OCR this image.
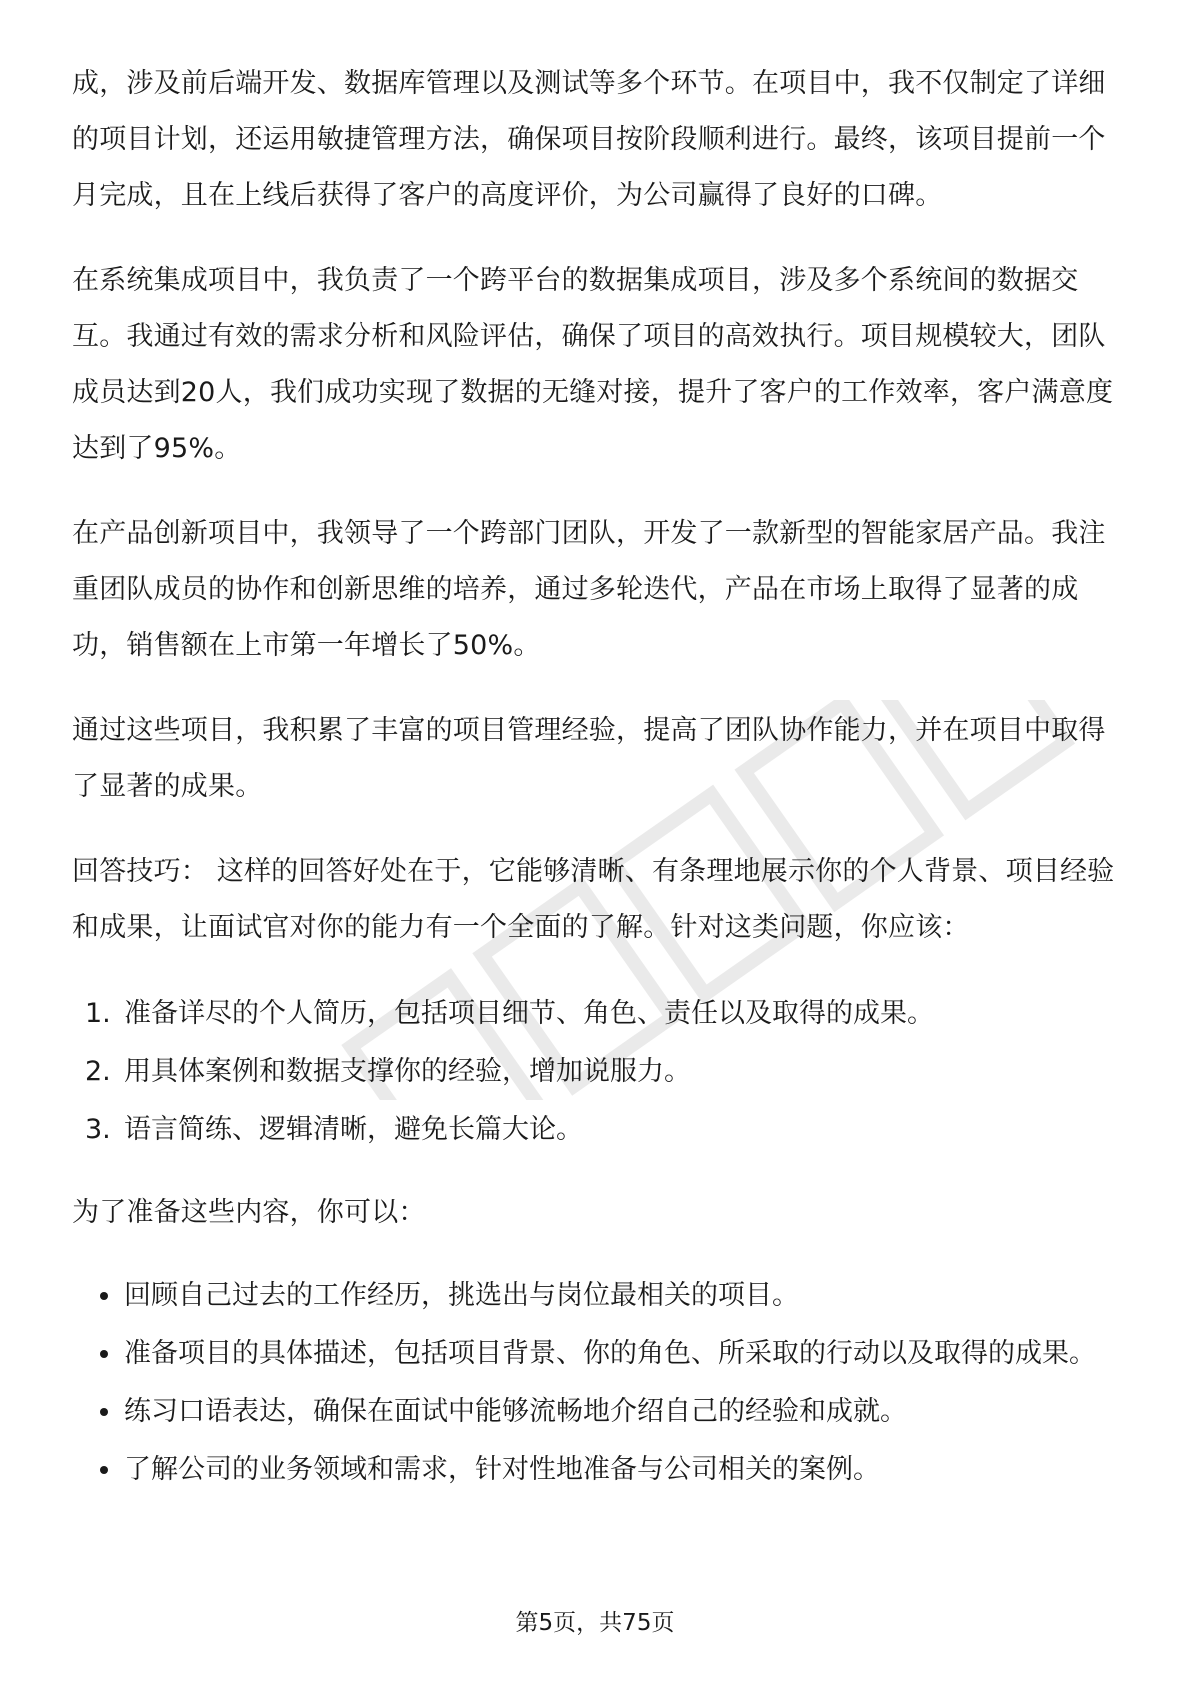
成，涉及前后端开发、数据库管理以及测试等多个环节。在项目中，我不仅制定了详细的项目计划，还运用敏捷管理方法，确保项目按阶段顺利进行。最终，该项目提前一个月完成，且在上线后获得了客户的高度评价，为公司赢得了良好的口碑。

在系统集成项目中，我负责了一个跨平台的数据集成项目，涉及多个系统间的数据交互。我通过有效的需求分析和风险评估，确保了项目的高效执行。项目规模较大，团队成员达到20人，我们成功实现了数据的无缝对接，提升了客户的工作效率，客户满意度达到了95%。

在产品创新项目中，我领导了一个跨部门团队，开发了一款新型的智能家居产品。我注重团队成员的协作和创新思维的培养，通过多轮迭代，产品在市场上取得了显著的成功，销售额在上市第一年增长了50%。

通过这些项目，我积累了丰富的项目管理经验，提高了团队协作能力，并在项目中取得了显著的成果。

回答技巧： 这样的回答好处在于，它能够清晰、有条理地展示你的个人背景、项目经验和成果，让面试官对你的能力有一个全面的了解。针对这类问题，你应该：

1. 准备详尽的个人简历，包括项目细节、角色、责任以及取得的成果。
2. 用具体案例和数据支撑你的经验，增加说服力。
3. 语言简练、逻辑清晰，避免长篇大论。

为了准备这些内容，你可以：

回顾自己过去的工作经历，挑选出与岗位最相关的项目。
准备项目的具体描述，包括项目背景、你的角色、所采取的行动以及取得的成果。
练习口语表达，确保在面试中能够流畅地介绍自己的经验和成就。
了解公司的业务领域和需求，针对性地准备与公司相关的案例。
第5页，共75页
